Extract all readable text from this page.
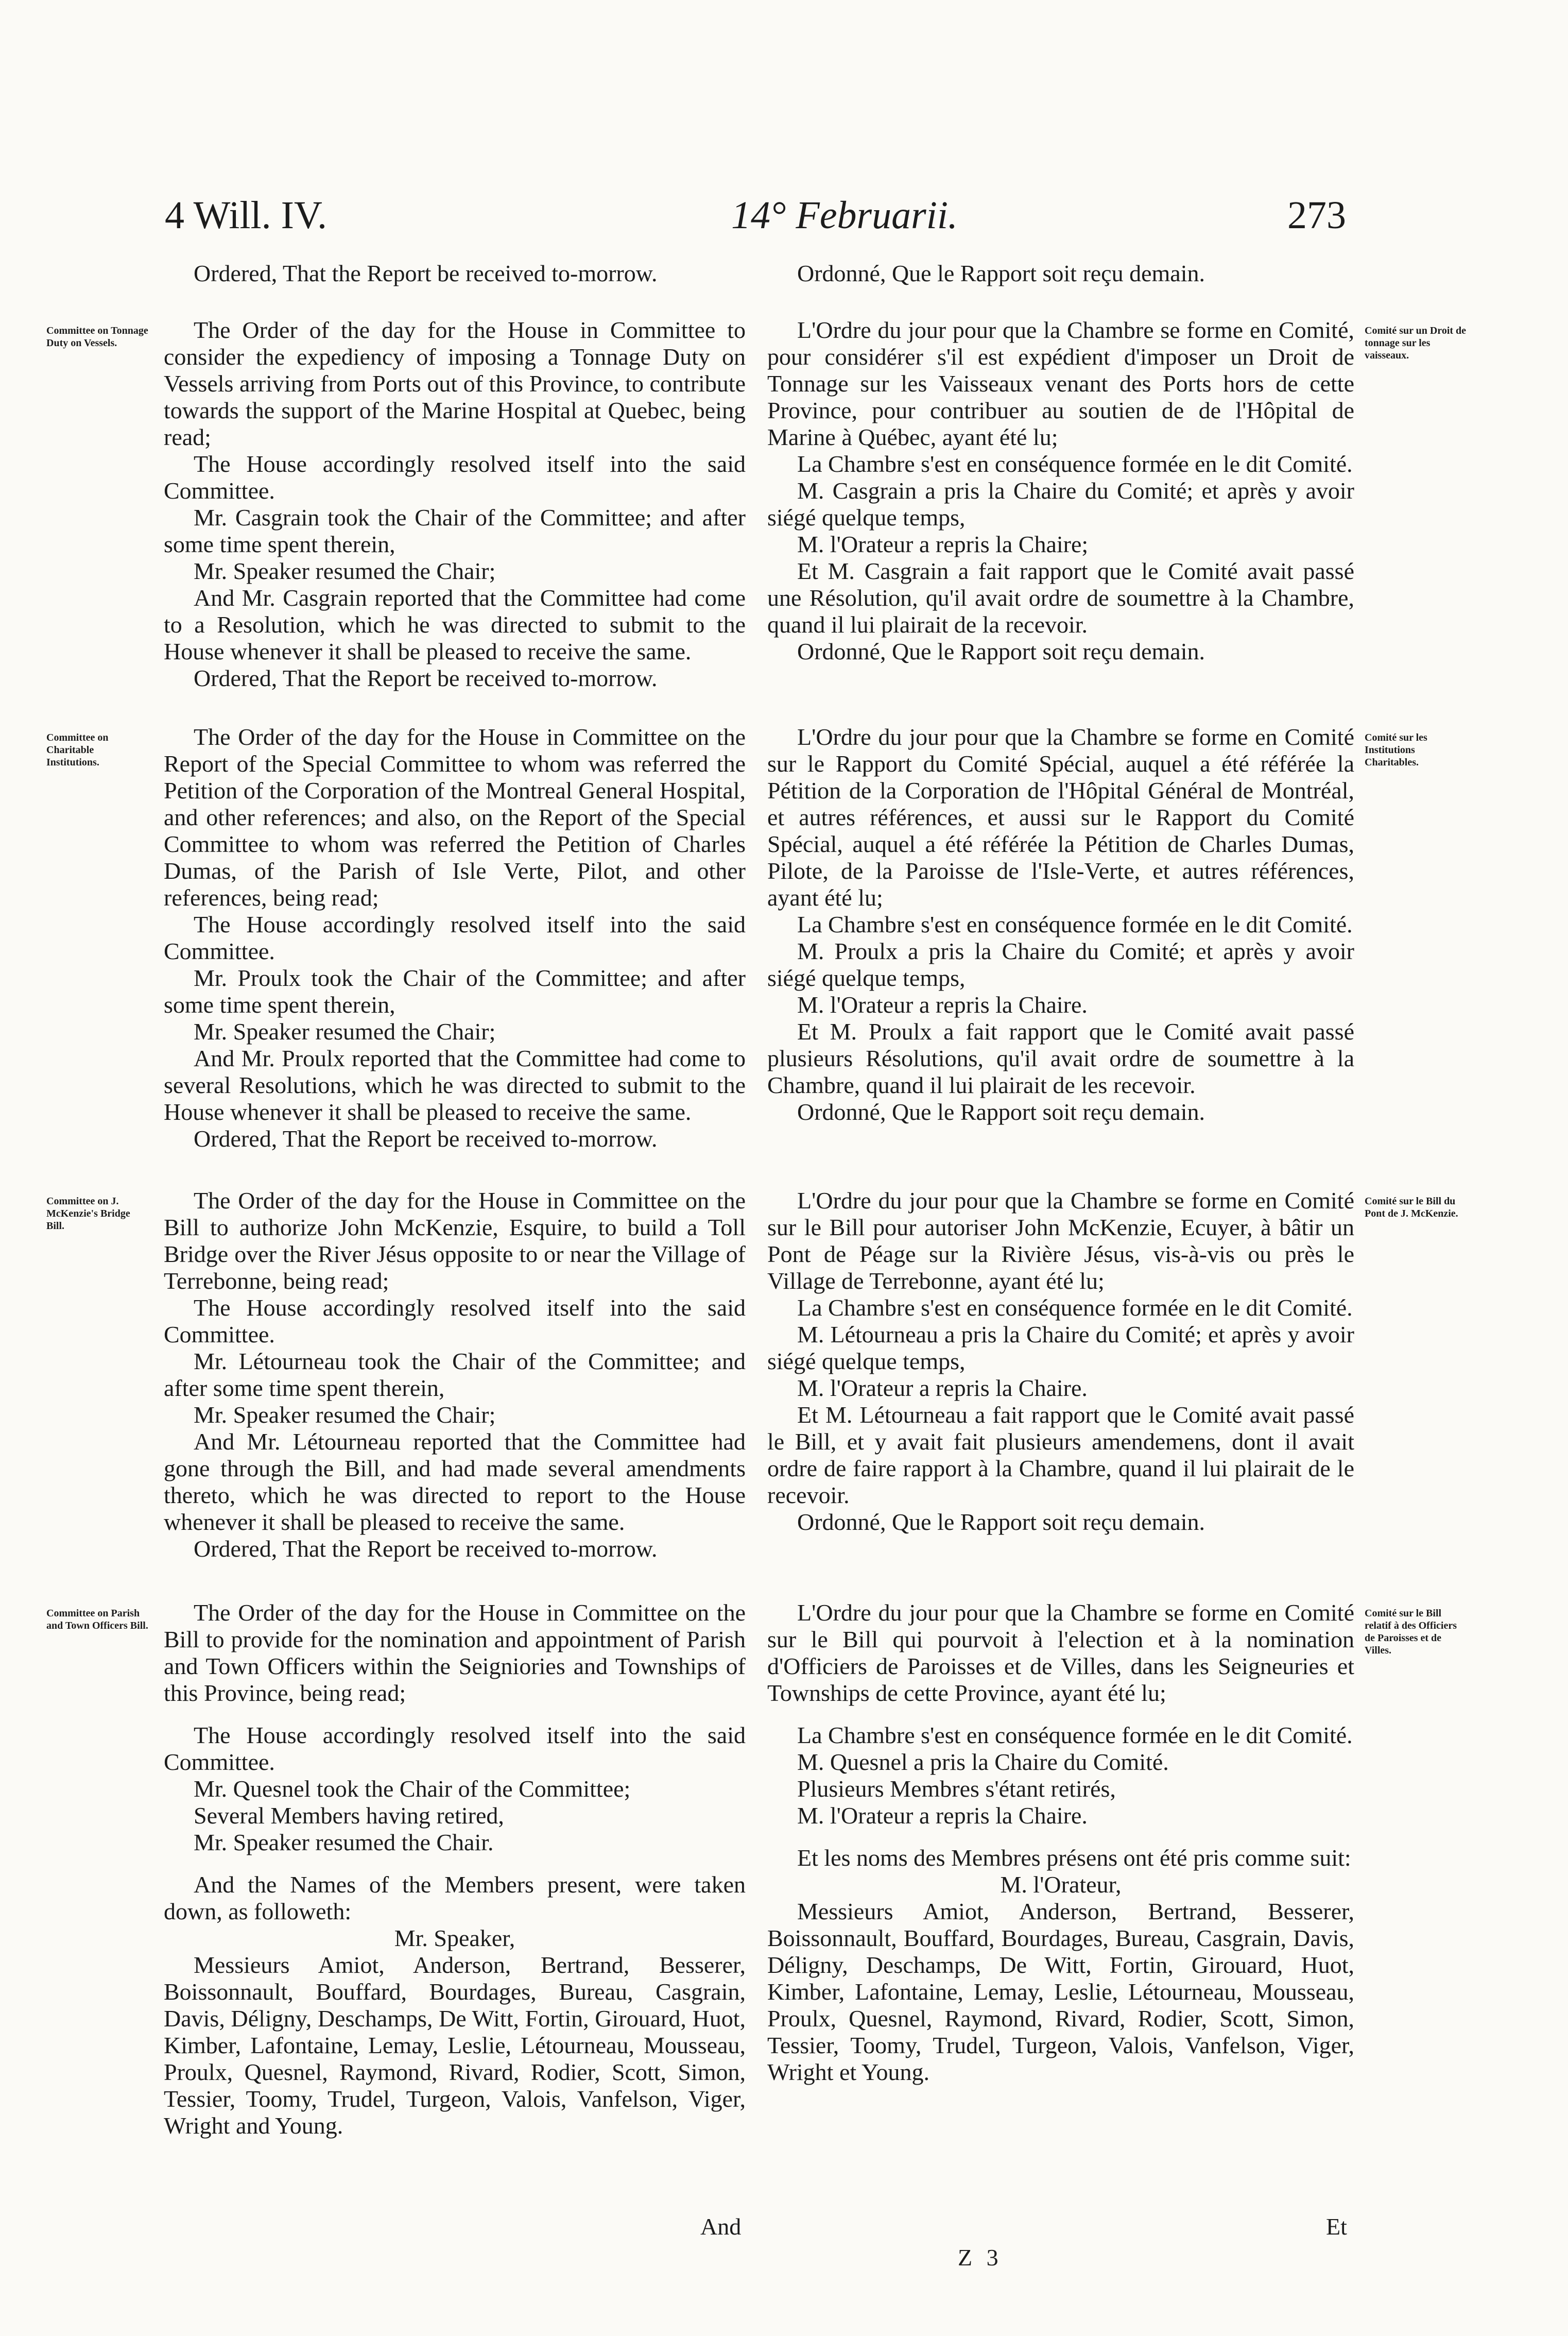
4 Will. IV.	14° Februarii.	273
Committee on Tonnage Duty on Vessels.
Committee on Charitable Institutions.
Committee on J. McKenzie's Bridge Bill.
Committee on Parish and Town Officers Bill.
Comité sur un Droit de tonnage sur les vaisseaux.
Comité sur les Institutions Charitables.
Comité sur le Bill du Pont de J. McKenzie.
Comité sur le Bill relatif à des Officiers de Paroisses et de Villes.

Ordered, That the Report be received to-morrow.

The Order of the day for the House in Committee to consider the expediency of imposing a Tonnage Duty on Vessels arriving from Ports out of this Province, to contribute towards the support of the Marine Hospital at Quebec, being read;

The House accordingly resolved itself into the said Committee.

Mr. Casgrain took the Chair of the Committee; and after some time spent therein,

Mr. Speaker resumed the Chair;

And Mr. Casgrain reported that the Committee had come to a Resolution, which he was directed to submit to the House whenever it shall be pleased to receive the same.

Ordered, That the Report be received to-morrow.

The Order of the day for the House in Committee on the Report of the Special Committee to whom was referred the Petition of the Corporation of the Montreal General Hospital, and other references; and also, on the Report of the Special Committee to whom was referred the Petition of Charles Dumas, of the Parish of Isle Verte, Pilot, and other references, being read;

The House accordingly resolved itself into the said Committee.

Mr. Proulx took the Chair of the Committee; and after some time spent therein,

Mr. Speaker resumed the Chair;

And Mr. Proulx reported that the Committee had come to several Resolutions, which he was directed to submit to the House whenever it shall be pleased to receive the same.

Ordered, That the Report be received to-morrow.

The Order of the day for the House in Committee on the Bill to authorize John McKenzie, Esquire, to build a Toll Bridge over the River Jésus opposite to or near the Village of Terrebonne, being read;

The House accordingly resolved itself into the said Committee.

Mr. Létourneau took the Chair of the Committee; and after some time spent therein,

Mr. Speaker resumed the Chair;

And Mr. Létourneau reported that the Committee had gone through the Bill, and had made several amendments thereto, which he was directed to report to the House whenever it shall be pleased to receive the same.

Ordered, That the Report be received to-morrow.

The Order of the day for the House in Committee on the Bill to provide for the nomination and appointment of Parish and Town Officers within the Seigniories and Townships of this Province, being read;

The House accordingly resolved itself into the said Committee.

Mr. Quesnel took the Chair of the Committee;

Several Members having retired,

Mr. Speaker resumed the Chair.

And the Names of the Members present, were taken down, as followeth:

Mr. Speaker,

Messieurs Amiot, Anderson, Bertrand, Besserer, Boissonnault, Bouffard, Bourdages, Bureau, Casgrain, Davis, Déligny, Deschamps, De Witt, Fortin, Girouard, Huot, Kimber, Lafontaine, Lemay, Leslie, Létourneau, Mousseau, Proulx, Quesnel, Raymond, Rivard, Rodier, Scott, Simon, Tessier, Toomy, Trudel, Turgeon, Valois, Vanfelson, Viger, Wright and Young.

And

Ordonné, Que le Rapport soit reçu demain.

L'Ordre du jour pour que la Chambre se forme en Comité, pour considérer s'il est expédient d'imposer un Droit de Tonnage sur les Vaisseaux venant des Ports hors de cette Province, pour contribuer au soutien de de l'Hôpital de Marine à Québec, ayant été lu;

La Chambre s'est en conséquence formée en le dit Comité.

M. Casgrain a pris la Chaire du Comité; et après y avoir siégé quelque temps,

M. l'Orateur a repris la Chaire;

Et M. Casgrain a fait rapport que le Comité avait passé une Résolution, qu'il avait ordre de soumettre à la Chambre, quand il lui plairait de la recevoir.

Ordonné, Que le Rapport soit reçu demain.

L'Ordre du jour pour que la Chambre se forme en Comité sur le Rapport du Comité Spécial, auquel a été référée la Pétition de la Corporation de l'Hôpital Général de Montréal, et autres références, et aussi sur le Rapport du Comité Spécial, auquel a été référée la Pétition de Charles Dumas, Pilote, de la Paroisse de l'Isle-Verte, et autres références, ayant été lu;

La Chambre s'est en conséquence formée en le dit Comité.

M. Proulx a pris la Chaire du Comité; et après y avoir siégé quelque temps,

M. l'Orateur a repris la Chaire.

Et M. Proulx a fait rapport que le Comité avait passé plusieurs Résolutions, qu'il avait ordre de soumettre à la Chambre, quand il lui plairait de les recevoir.

Ordonné, Que le Rapport soit reçu demain.

L'Ordre du jour pour que la Chambre se forme en Comité sur le Bill pour autoriser John McKenzie, Ecuyer, à bâtir un Pont de Péage sur la Rivière Jésus, vis-à-vis ou près le Village de Terrebonne, ayant été lu;

La Chambre s'est en conséquence formée en le dit Comité.

M. Létourneau a pris la Chaire du Comité; et après y avoir siégé quelque temps,

M. l'Orateur a repris la Chaire.

Et M. Létourneau a fait rapport que le Comité avait passé le Bill, et y avait fait plusieurs amendemens, dont il avait ordre de faire rapport à la Chambre, quand il lui plairait de le recevoir.

Ordonné, Que le Rapport soit reçu demain.

L'Ordre du jour pour que la Chambre se forme en Comité sur le Bill qui pourvoit à l'election et à la nomination d'Officiers de Paroisses et de Villes, dans les Seigneuries et Townships de cette Province, ayant été lu;

La Chambre s'est en conséquence formée en le dit Comité.

M. Quesnel a pris la Chaire du Comité.

Plusieurs Membres s'étant retirés,

M. l'Orateur a repris la Chaire.

Et les noms des Membres présens ont été pris comme suit:

M. l'Orateur,

Messieurs Amiot, Anderson, Bertrand, Besserer, Boissonnault, Bouffard, Bourdages, Bureau, Casgrain, Davis, Déligny, Deschamps, De Witt, Fortin, Girouard, Huot, Kimber, Lafontaine, Lemay, Leslie, Létourneau, Mousseau, Proulx, Quesnel, Raymond, Rivard, Rodier, Scott, Simon, Tessier, Toomy, Trudel, Turgeon, Valois, Vanfelson, Viger, Wright et Young.

Et
Z 3
